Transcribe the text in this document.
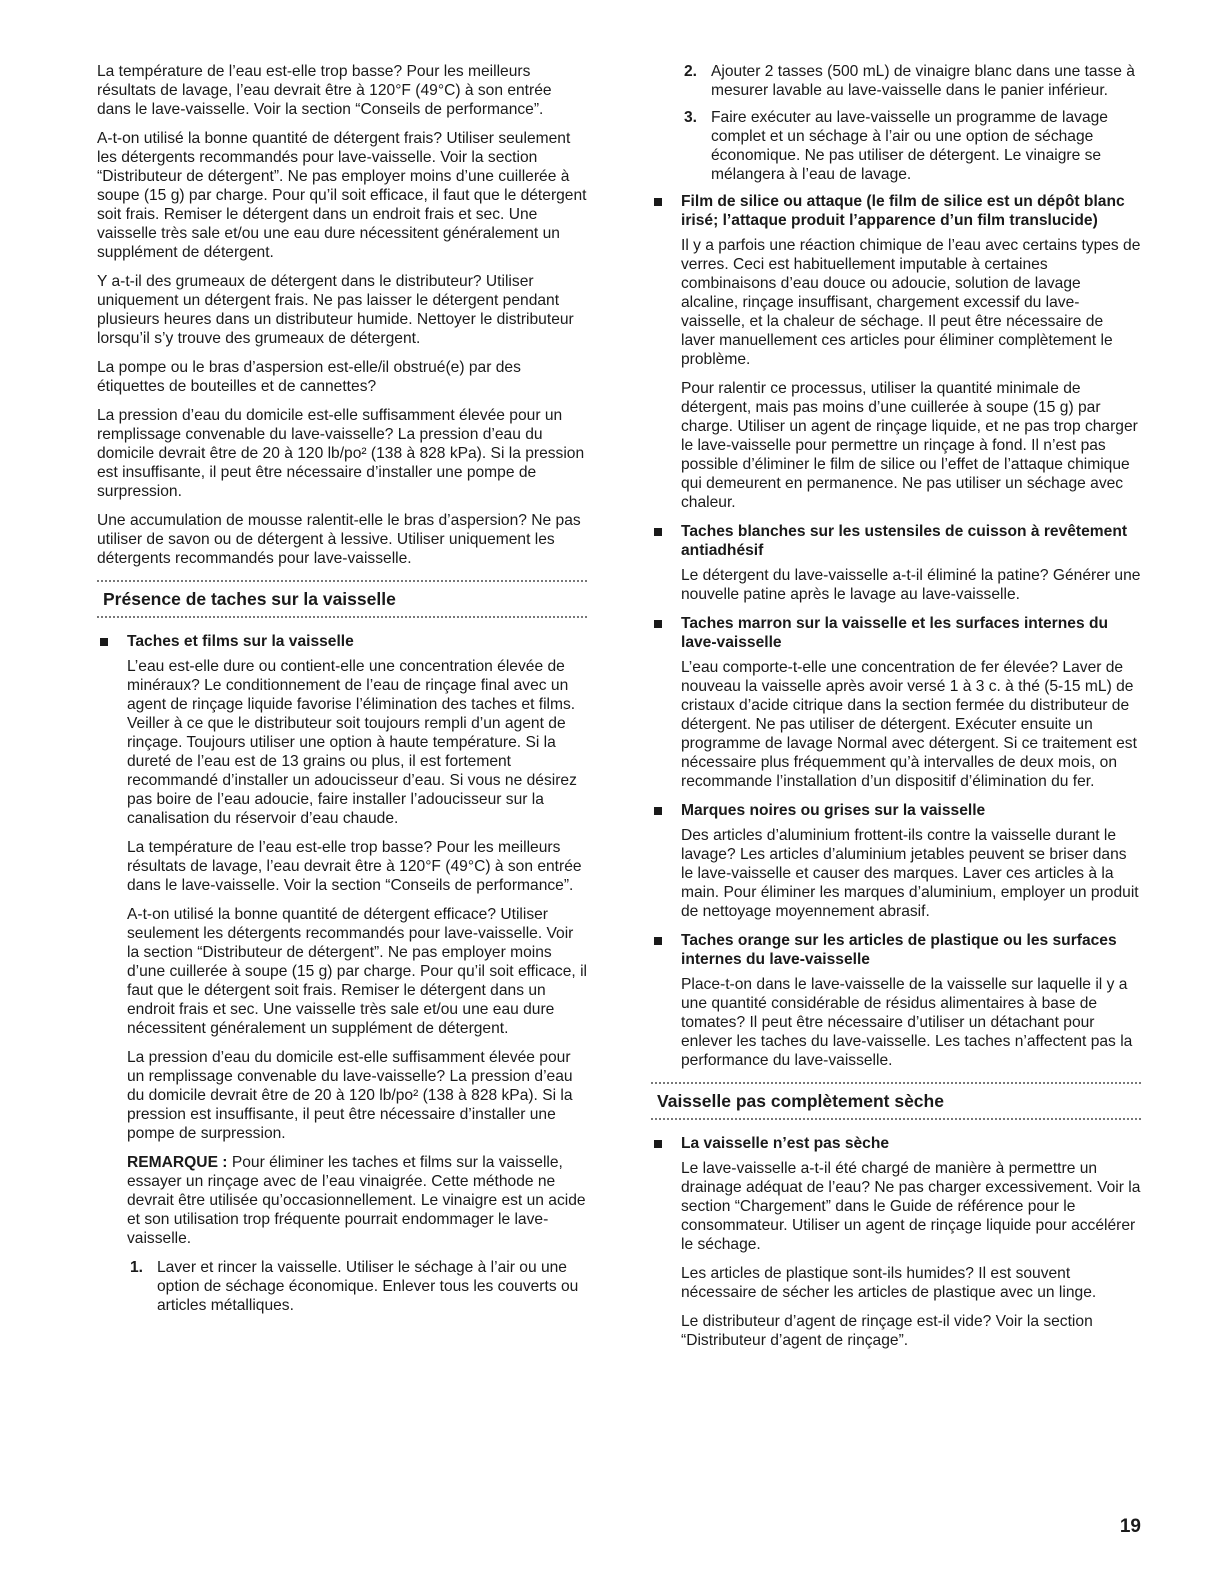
La température de l’eau est-elle trop basse? Pour les meilleurs résultats de lavage, l’eau devrait être à 120°F (49°C) à son entrée dans le lave-vaisselle. Voir la section “Conseils de performance”.

A-t-on utilisé la bonne quantité de détergent frais? Utiliser seulement les détergents recommandés pour lave-vaisselle. Voir la section “Distributeur de détergent”. Ne pas employer moins d’une cuillerée à soupe (15 g) par charge. Pour qu’il soit efficace, il faut que le détergent soit frais. Remiser le détergent dans un endroit frais et sec. Une vaisselle très sale et/ou une eau dure nécessitent généralement un supplément de détergent.

Y a-t-il des grumeaux de détergent dans le distributeur? Utiliser uniquement un détergent frais. Ne pas laisser le détergent pendant plusieurs heures dans un distributeur humide. Nettoyer le distributeur lorsqu’il s’y trouve des grumeaux de détergent.

La pompe ou le bras d’aspersion est-elle/il obstrué(e) par des étiquettes de bouteilles et de cannettes?

La pression d’eau du domicile est-elle suffisamment élevée pour un remplissage convenable du lave-vaisselle? La pression d’eau du domicile devrait être de 20 à 120 lb/po² (138 à 828 kPa). Si la pression est insuffisante, il peut être nécessaire d’installer une pompe de surpression.

Une accumulation de mousse ralentit-elle le bras d’aspersion? Ne pas utiliser de savon ou de détergent à lessive. Utiliser uniquement les détergents recommandés pour lave-vaisselle.

Présence de taches sur la vaisselle
Taches et films sur la vaisselle

L’eau est-elle dure ou contient-elle une concentration élevée de minéraux? Le conditionnement de l’eau de rinçage final avec un agent de rinçage liquide favorise l’élimination des taches et films. Veiller à ce que le distributeur soit toujours rempli d’un agent de rinçage. Toujours utiliser une option à haute température. Si la dureté de l’eau est de 13 grains ou plus, il est fortement recommandé d’installer un adoucisseur d’eau. Si vous ne désirez pas boire de l’eau adoucie, faire installer l’adoucisseur sur la canalisation du réservoir d’eau chaude.

La température de l’eau est-elle trop basse? Pour les meilleurs résultats de lavage, l’eau devrait être à 120°F (49°C) à son entrée dans le lave-vaisselle. Voir la section “Conseils de performance”.

A-t-on utilisé la bonne quantité de détergent efficace? Utiliser seulement les détergents recommandés pour lave-vaisselle. Voir la section “Distributeur de détergent”. Ne pas employer moins d’une cuillerée à soupe (15 g) par charge. Pour qu’il soit efficace, il faut que le détergent soit frais. Remiser le détergent dans un endroit frais et sec. Une vaisselle très sale et/ou une eau dure nécessitent généralement un supplément de détergent.

La pression d’eau du domicile est-elle suffisamment élevée pour un remplissage convenable du lave-vaisselle? La pression d’eau du domicile devrait être de 20 à 120 lb/po² (138 à 828 kPa). Si la pression est insuffisante, il peut être nécessaire d’installer une pompe de surpression.

REMARQUE : Pour éliminer les taches et films sur la vaisselle, essayer un rinçage avec de l’eau vinaigrée. Cette méthode ne devrait être utilisée qu’occasionnellement. Le vinaigre est un acide et son utilisation trop fréquente pourrait endommager le lave-vaisselle.

1. Laver et rincer la vaisselle. Utiliser le séchage à l’air ou une option de séchage économique. Enlever tous les couverts ou articles métalliques.
2. Ajouter 2 tasses (500 mL) de vinaigre blanc dans une tasse à mesurer lavable au lave-vaisselle dans le panier inférieur.
3. Faire exécuter au lave-vaisselle un programme de lavage complet et un séchage à l’air ou une option de séchage économique. Ne pas utiliser de détergent. Le vinaigre se mélangera à l’eau de lavage.
Film de silice ou attaque (le film de silice est un dépôt blanc irisé; l’attaque produit l’apparence d’un film translucide)

Il y a parfois une réaction chimique de l’eau avec certains types de verres. Ceci est habituellement imputable à certaines combinaisons d’eau douce ou adoucie, solution de lavage alcaline, rinçage insuffisant, chargement excessif du lave-vaisselle, et la chaleur de séchage. Il peut être nécessaire de laver manuellement ces articles pour éliminer complètement le problème.

Pour ralentir ce processus, utiliser la quantité minimale de détergent, mais pas moins d’une cuillerée à soupe (15 g) par charge. Utiliser un agent de rinçage liquide, et ne pas trop charger le lave-vaisselle pour permettre un rinçage à fond. Il n’est pas possible d’éliminer le film de silice ou l’effet de l’attaque chimique qui demeurent en permanence. Ne pas utiliser un séchage avec chaleur.

Taches blanches sur les ustensiles de cuisson à revêtement antiadhésif

Le détergent du lave-vaisselle a-t-il éliminé la patine? Générer une nouvelle patine après le lavage au lave-vaisselle.

Taches marron sur la vaisselle et les surfaces internes du lave-vaisselle

L’eau comporte-t-elle une concentration de fer élevée? Laver de nouveau la vaisselle après avoir versé 1 à 3 c. à thé (5-15 mL) de cristaux d’acide citrique dans la section fermée du distributeur de détergent. Ne pas utiliser de détergent. Exécuter ensuite un programme de lavage Normal avec détergent. Si ce traitement est nécessaire plus fréquemment qu’à intervalles de deux mois, on recommande l’installation d’un dispositif d’élimination du fer.

Marques noires ou grises sur la vaisselle

Des articles d’aluminium frottent-ils contre la vaisselle durant le lavage? Les articles d’aluminium jetables peuvent se briser dans le lave-vaisselle et causer des marques. Laver ces articles à la main. Pour éliminer les marques d’aluminium, employer un produit de nettoyage moyennement abrasif.

Taches orange sur les articles de plastique ou les surfaces internes du lave-vaisselle

Place-t-on dans le lave-vaisselle de la vaisselle sur laquelle il y a une quantité considérable de résidus alimentaires à base de tomates? Il peut être nécessaire d’utiliser un détachant pour enlever les taches du lave-vaisselle. Les taches n’affectent pas la performance du lave-vaisselle.

Vaisselle pas complètement sèche
La vaisselle n’est pas sèche

Le lave-vaisselle a-t-il été chargé de manière à permettre un drainage adéquat de l’eau? Ne pas charger excessivement. Voir la section “Chargement” dans le Guide de référence pour le consommateur. Utiliser un agent de rinçage liquide pour accélérer le séchage.

Les articles de plastique sont-ils humides? Il est souvent nécessaire de sécher les articles de plastique avec un linge.

Le distributeur d’agent de rinçage est-il vide? Voir la section “Distributeur d’agent de rinçage”.

19
